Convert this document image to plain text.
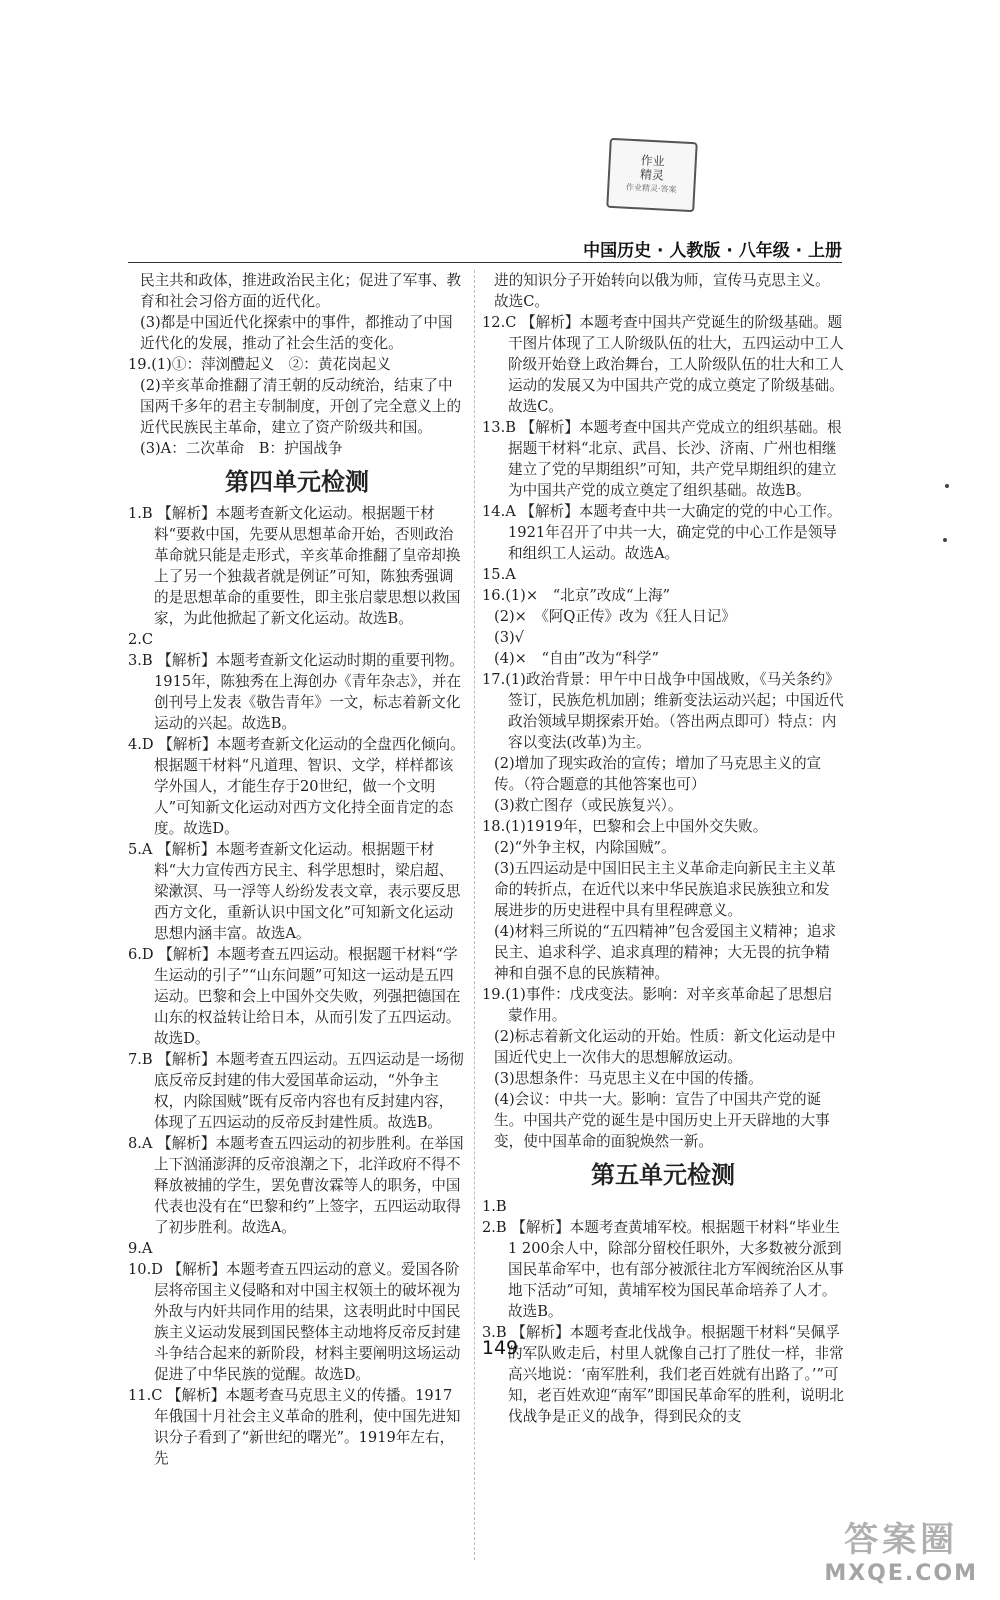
作业
精灵
作业精灵·答案
中国历史 · 人教版 · 八年级 · 上册

民主共和政体，推进政治民主化；促进了军事、教育和社会习俗方面的近代化。

(3)都是中国近代化探索中的事件，都推动了中国近代化的发展，推动了社会生活的变化。

19.(1)①：萍浏醴起义　②：黄花岗起义

(2)辛亥革命推翻了清王朝的反动统治，结束了中国两千多年的君主专制制度，开创了完全意义上的近代民族民主革命，建立了资产阶级共和国。

(3)A：二次革命　B：护国战争

第四单元检测

1.B 【解析】本题考查新文化运动。根据题干材料“要救中国，先要从思想革命开始，否则政治革命就只能是走形式，辛亥革命推翻了皇帝却换上了另一个独裁者就是例证”可知，陈独秀强调的是思想革命的重要性，即主张启蒙思想以救国家，为此他掀起了新文化运动。故选B。

2.C

3.B 【解析】本题考查新文化运动时期的重要刊物。1915年，陈独秀在上海创办《青年杂志》，并在创刊号上发表《敬告青年》一文，标志着新文化运动的兴起。故选B。

4.D 【解析】本题考查新文化运动的全盘西化倾向。根据题干材料“凡道理、智识、文学，样样都该学外国人，才能生存于20世纪，做一个文明人”可知新文化运动对西方文化持全面肯定的态度。故选D。

5.A 【解析】本题考查新文化运动。根据题干材料“大力宣传西方民主、科学思想时，梁启超、梁漱溟、马一浮等人纷纷发表文章，表示要反思西方文化，重新认识中国文化”可知新文化运动思想内涵丰富。故选A。

6.D 【解析】本题考查五四运动。根据题干材料“学生运动的引子”“山东问题”可知这一运动是五四运动。巴黎和会上中国外交失败，列强把德国在山东的权益转让给日本，从而引发了五四运动。故选D。

7.B 【解析】本题考查五四运动。五四运动是一场彻底反帝反封建的伟大爱国革命运动，“外争主权，内除国贼”既有反帝内容也有反封建内容，体现了五四运动的反帝反封建性质。故选B。

8.A 【解析】本题考查五四运动的初步胜利。在举国上下汹涌澎湃的反帝浪潮之下，北洋政府不得不释放被捕的学生，罢免曹汝霖等人的职务，中国代表也没有在“巴黎和约”上签字，五四运动取得了初步胜利。故选A。

9.A

10.D 【解析】本题考查五四运动的意义。爱国各阶层将帝国主义侵略和对中国主权领土的破坏视为外敌与内奸共同作用的结果，这表明此时中国民族主义运动发展到国民整体主动地将反帝反封建斗争结合起来的新阶段，材料主要阐明这场运动促进了中华民族的觉醒。故选D。

11.C 【解析】本题考查马克思主义的传播。1917年俄国十月社会主义革命的胜利，使中国先进知识分子看到了“新世纪的曙光”。1919年左右，先

进的知识分子开始转向以俄为师，宣传马克思主义。故选C。

12.C 【解析】本题考查中国共产党诞生的阶级基础。题干图片体现了工人阶级队伍的壮大，五四运动中工人阶级开始登上政治舞台，工人阶级队伍的壮大和工人运动的发展又为中国共产党的成立奠定了阶级基础。故选C。

13.B 【解析】本题考查中国共产党成立的组织基础。根据题干材料“北京、武昌、长沙、济南、广州也相继建立了党的早期组织”可知，共产党早期组织的建立为中国共产党的成立奠定了组织基础。故选B。

14.A 【解析】本题考查中共一大确定的党的中心工作。1921年召开了中共一大，确定党的中心工作是领导和组织工人运动。故选A。

15.A

16.(1)×　“北京”改成“上海”

(2)×　《阿Q正传》改为《狂人日记》

(3)√

(4)×　“自由”改为“科学”

17.(1)政治背景：甲午中日战争中国战败，《马关条约》签订，民族危机加剧；维新变法运动兴起；中国近代政治领域早期探索开始。（答出两点即可）特点：内容以变法(改革)为主。

(2)增加了现实政治的宣传；增加了马克思主义的宣传。（符合题意的其他答案也可）

(3)救亡图存（或民族复兴）。

18.(1)1919年，巴黎和会上中国外交失败。

(2)“外争主权，内除国贼”。

(3)五四运动是中国旧民主主义革命走向新民主主义革命的转折点，在近代以来中华民族追求民族独立和发展进步的历史进程中具有里程碑意义。

(4)材料三所说的“五四精神”包含爱国主义精神；追求民主、追求科学、追求真理的精神；大无畏的抗争精神和自强不息的民族精神。

19.(1)事件：戊戌变法。影响：对辛亥革命起了思想启蒙作用。

(2)标志着新文化运动的开始。性质：新文化运动是中国近代史上一次伟大的思想解放运动。

(3)思想条件：马克思主义在中国的传播。

(4)会议：中共一大。影响：宣告了中国共产党的诞生。中国共产党的诞生是中国历史上开天辟地的大事变，使中国革命的面貌焕然一新。

第五单元检测

1.B

2.B 【解析】本题考查黄埔军校。根据题干材料“毕业生1 200余人中，除部分留校任职外，大多数被分派到国民革命军中，也有部分被派往北方军阀统治区从事地下活动”可知，黄埔军校为国民革命培养了人才。故选B。

3.B 【解析】本题考查北伐战争。根据题干材料“吴佩孚的军队败走后，村里人就像自己打了胜仗一样，非常高兴地说：‘南军胜利，我们老百姓就有出路了。’”可知，老百姓欢迎“南军”即国民革命军的胜利，说明北伐战争是正义的战争，得到民众的支

149
答案圈
MXQE.COM
